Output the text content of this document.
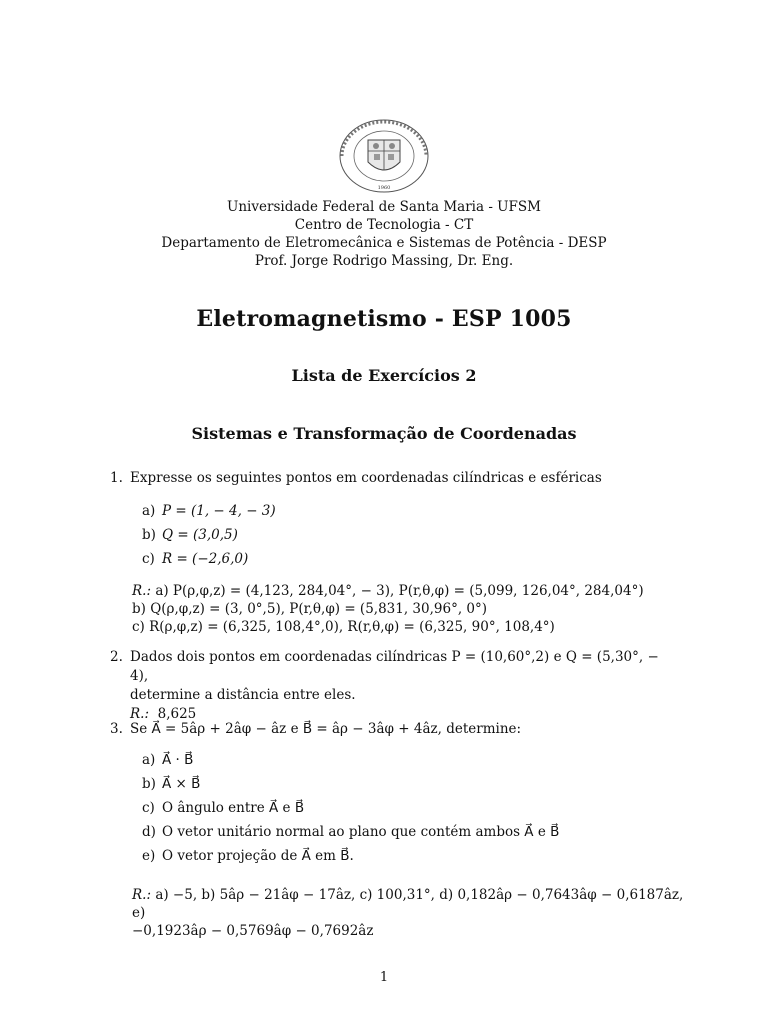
1960
Universidade Federal de Santa Maria - UFSM
Centro de Tecnologia - CT
Departamento de Eletromecânica e Sistemas de Potência - DESP
Prof. Jorge Rodrigo Massing, Dr. Eng.
Eletromagnetismo - ESP 1005
Lista de Exercícios 2
Sistemas e Transformação de Coordenadas
1. Expresse os seguintes pontos em coordenadas cilíndricas e esféricas
a) P = (1, − 4, − 3)
b) Q = (3,0,5)
c) R = (−2,6,0)
R.: a) P(ρ,φ,z) = (4,123, 284,04°, − 3), P(r,θ,φ) = (5,099, 126,04°, 284,04°)
b) Q(ρ,φ,z) = (3, 0°,5), P(r,θ,φ) = (5,831, 30,96°, 0°)
c) R(ρ,φ,z) = (6,325, 108,4°,0), R(r,θ,φ) = (6,325, 90°, 108,4°)
2. Dados dois pontos em coordenadas cilíndricas P = (10,60°,2) e Q = (5,30°, − 4),
determine a distância entre eles.
R.: 8,625
3. Se A⃗ = 5âρ + 2âφ − âz e B⃗ = âρ − 3âφ + 4âz, determine:
a) A⃗ · B⃗
b) A⃗ × B⃗
c) O ângulo entre A⃗ e B⃗
d) O vetor unitário normal ao plano que contém ambos A⃗ e B⃗
e) O vetor projeção de A⃗ em B⃗.
R.: a) −5, b) 5âρ − 21âφ − 17âz, c) 100,31°, d) 0,182âρ − 0,7643âφ − 0,6187âz, e)
−0,1923âρ − 0,5769âφ − 0,7692âz
1
